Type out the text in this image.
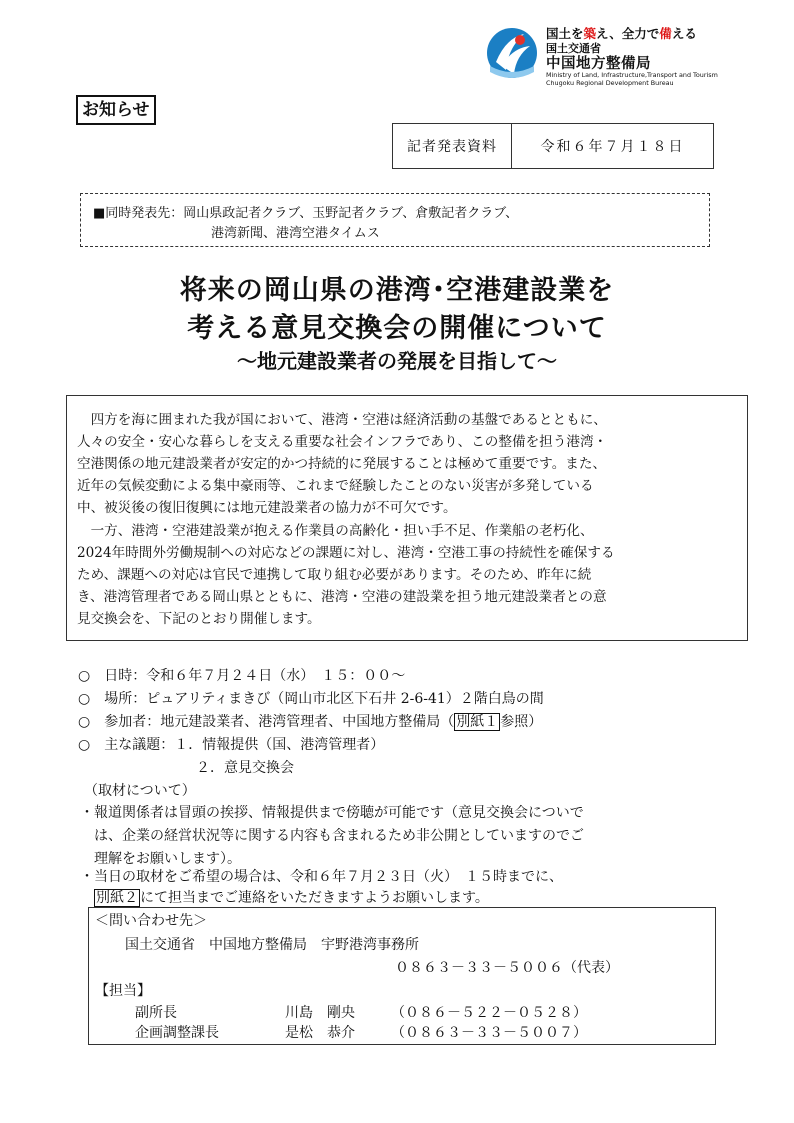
国土を築え、全力で備える
国土交通省
中国地方整備局
Ministry of Land, Infrastructure,Transport and Tourism
Chugoku Regional Development Bureau
お知らせ
記者発表資料	令和６年７月１８日
■同時発表先：岡山県政記者クラブ、玉野記者クラブ、倉敷記者クラブ、
港湾新聞、港湾空港タイムス
将来の岡山県の港湾･空港建設業を
考える意見交換会の開催について
～地元建設業者の発展を目指して～
四方を海に囲まれた我が国において、港湾・空港は経済活動の基盤であるとともに、
人々の安全・安心な暮らしを支える重要な社会インフラであり、この整備を担う港湾・
空港関係の地元建設業者が安定的かつ持続的に発展することは極めて重要です。また、
近年の気候変動による集中豪雨等、これまで経験したことのない災害が多発している
中、被災後の復旧復興には地元建設業者の協力が不可欠です。
一方、港湾・空港建設業が抱える作業員の高齢化・担い手不足、作業船の老朽化、
2024年時間外労働規制への対応などの課題に対し、港湾・空港工事の持続性を確保する
ため、課題への対応は官民で連携して取り組む必要があります。そのため、昨年に続
き、港湾管理者である岡山県とともに、港湾・空港の建設業を担う地元建設業者との意
見交換会を、下記のとおり開催します。
○　日時：令和６年７月２４日（水）　１５：００～
○　場所：ピュアリティまきび（岡山市北区下石井 2-6-41）２階白鳥の間
○　参加者：地元建設業者、港湾管理者、中国地方整備局（ 別紙１ 参照）
○　主な議題：１．情報提供（国、港湾管理者）
２．意見交換会
（取材について）
・報道関係者は冒頭の挨拶、情報提供まで傍聴が可能です（意見交換会についで
は、企業の経営状況等に関する内容も含まれるため非公開としていますのでご
理解をお願いします）。
・当日の取材をご希望の場合は、令和６年７月２３日（火）　１５時までに、
別紙２ にて担当までご連絡をいただきますようお願いします。
＜問い合わせ先＞
国土交通省　中国地方整備局　宇野港湾事務所
０８６３－３３－５００６（代表）
【担当】
副所長	川島　剛央	（０８６－５２２－０５２８）
企画調整課長	是松　恭介	（０８６３－３３－５００７）
